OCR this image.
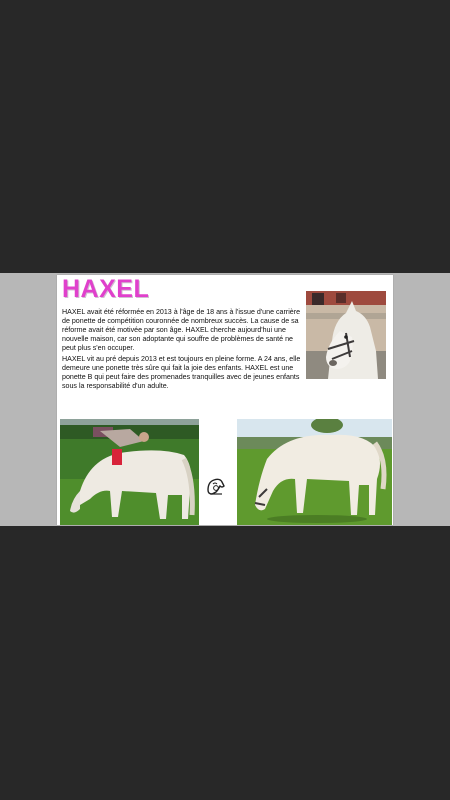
HAXEL

HAXEL avait été réformée en 2013 à l'âge de 18 ans à l'issue d'une carrière de ponette de compétition couronnée de nombreux succès. La cause de sa réforme avait été motivée par son âge. HAXEL cherche aujourd'hui une nouvelle maison, car son adoptante qui souffre de problèmes de santé ne peut plus s'en occuper.

HAXEL vit au pré depuis 2013 et est toujours en pleine forme. A 24 ans, elle demeure une ponette très sûre qui fait la joie des enfants. HAXEL est une ponette B qui peut faire des promenades tranquilles avec de jeunes enfants sous la responsabilité d'un adulte.
